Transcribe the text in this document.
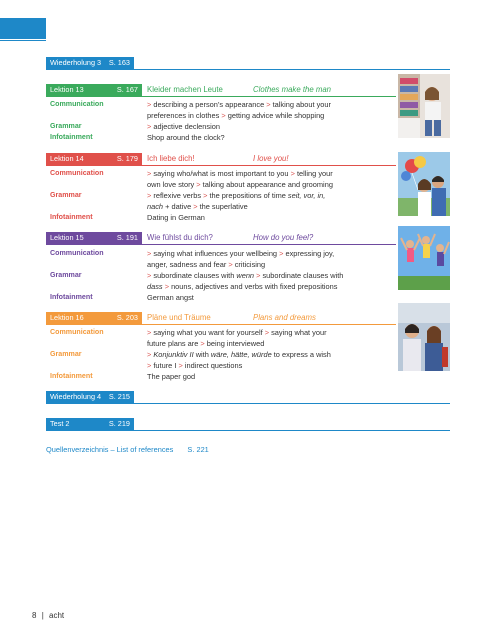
Wiederholung 3 S. 163
Lektion 13	S. 167 Kleider machen Leute	Clothes make the man
Communication	> describing a person’s appearance > talking about your
preferences in clothes > getting advice while shopping
Grammar	> adjective declension
Infotainment	Shop around the clock?
Lektion 14	S. 179 Ich liebe dich!	I love you!
Communication	> saying who/what is most important to you > telling your
own love story > talking about appearance and grooming
Grammar	> reflexive verbs > the prepositions of time seit, vor, in,
nach + dative > the superlative
Infotainment	Dating in German
Lektion 15	S. 191 Wie fühlst du dich?	How do you feel?
Communication	> saying what influences your wellbeing > expressing joy,
anger, sadness and fear > criticising
Grammar	> subordinate clauses with wenn > subordinate clauses with
dass > nouns, adjectives and verbs with fixed prepositions
Infotainment	German angst
Lektion 16	S. 203 Pläne und Träume	Plans and dreams
Communication	> saying what you want for yourself > saying what your
future plans are > being interviewed
Grammar	> Konjunktiv II with wäre, hätte, würde to express a wish
> future I > indirect questions
Infotainment	The paper god
Wiederholung 4 S. 215
Test 2	S. 219
Quellenverzeichnis – List of references S. 221
8 | acht
